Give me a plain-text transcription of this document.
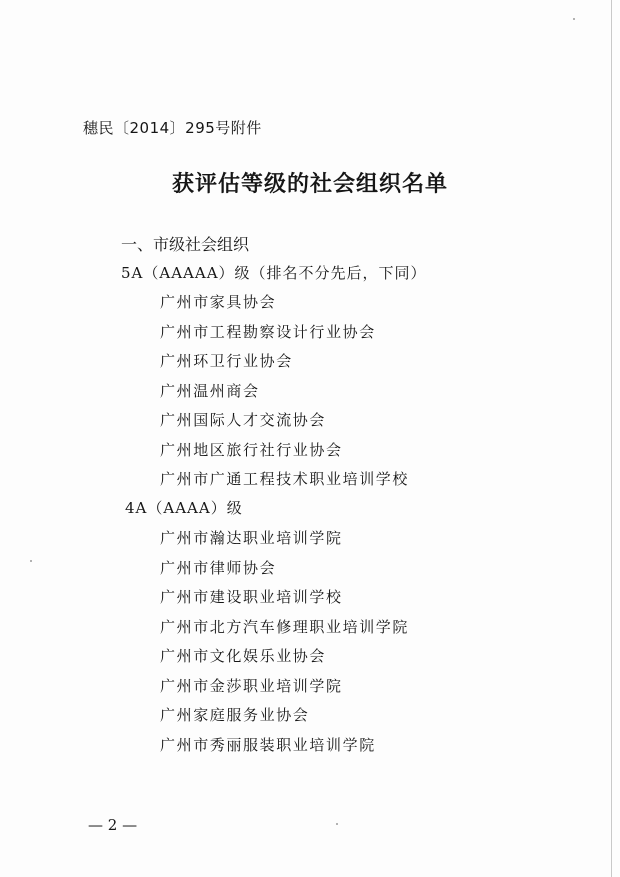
穗民〔2014〕295号附件
获评估等级的社会组织名单
一、市级社会组织
5A（AAAAA）级（排名不分先后，下同）
广州市家具协会
广州市工程勘察设计行业协会
广州环卫行业协会
广州温州商会
广州国际人才交流协会
广州地区旅行社行业协会
广州市广通工程技术职业培训学校
4A（AAAA）级
广州市瀚达职业培训学院
广州市律师协会
广州市建设职业培训学校
广州市北方汽车修理职业培训学院
广州市文化娱乐业协会
广州市金莎职业培训学院
广州家庭服务业协会
广州市秀丽服装职业培训学院
— 2 —
